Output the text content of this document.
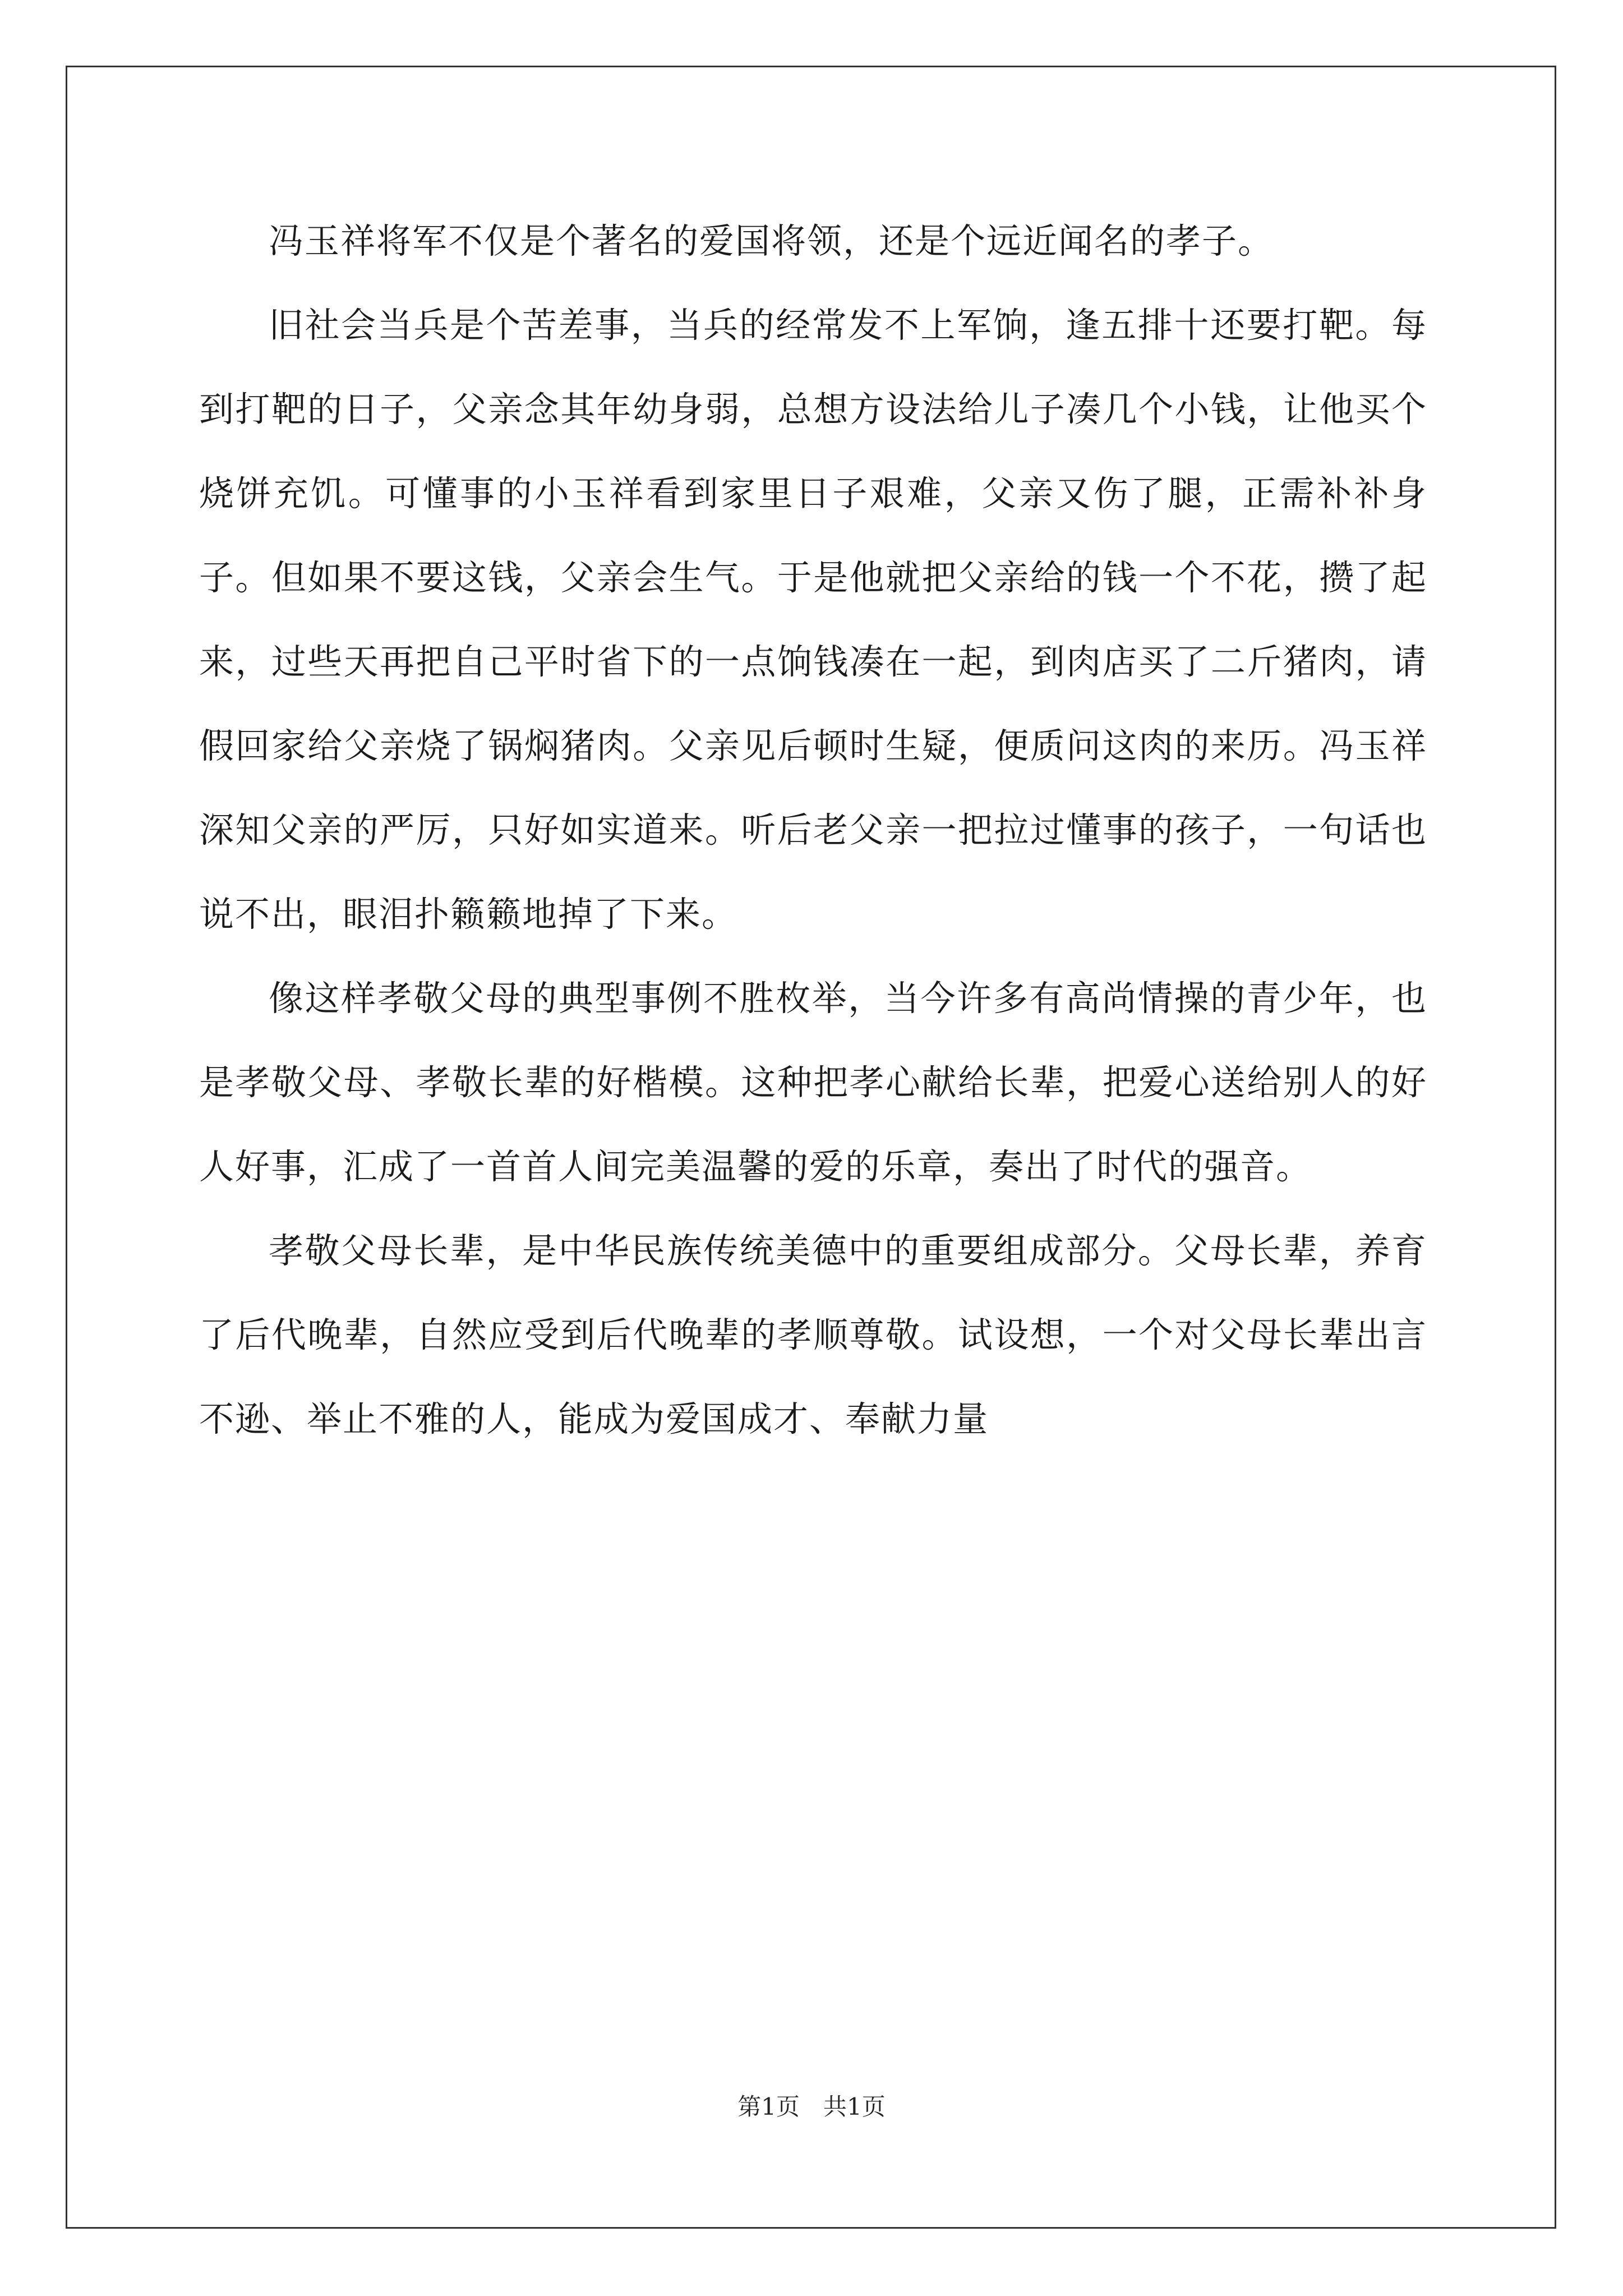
冯玉祥将军不仅是个著名的爱国将领，还是个远近闻名的孝子。

旧社会当兵是个苦差事，当兵的经常发不上军饷，逢五排十还要打靶。每到打靶的日子，父亲念其年幼身弱，总想方设法给儿子凑几个小钱，让他买个烧饼充饥。可懂事的小玉祥看到家里日子艰难，父亲又伤了腿，正需补补身子。但如果不要这钱，父亲会生气。于是他就把父亲给的钱一个不花，攒了起来，过些天再把自己平时省下的一点饷钱凑在一起，到肉店买了二斤猪肉，请假回家给父亲烧了锅焖猪肉。父亲见后顿时生疑，便质问这肉的来历。冯玉祥深知父亲的严厉，只好如实道来。听后老父亲一把拉过懂事的孩子，一句话也说不出，眼泪扑籁籁地掉了下来。

像这样孝敬父母的典型事例不胜枚举，当今许多有高尚情操的青少年，也是孝敬父母、孝敬长辈的好楷模。这种把孝心献给长辈，把爱心送给别人的好人好事，汇成了一首首人间完美温馨的爱的乐章，奏出了时代的强音。

孝敬父母长辈，是中华民族传统美德中的重要组成部分。父母长辈，养育了后代晚辈，自然应受到后代晚辈的孝顺尊敬。试设想，一个对父母长辈出言不逊、举止不雅的人，能成为爱国成才、奉献力量

第1页　共1页
